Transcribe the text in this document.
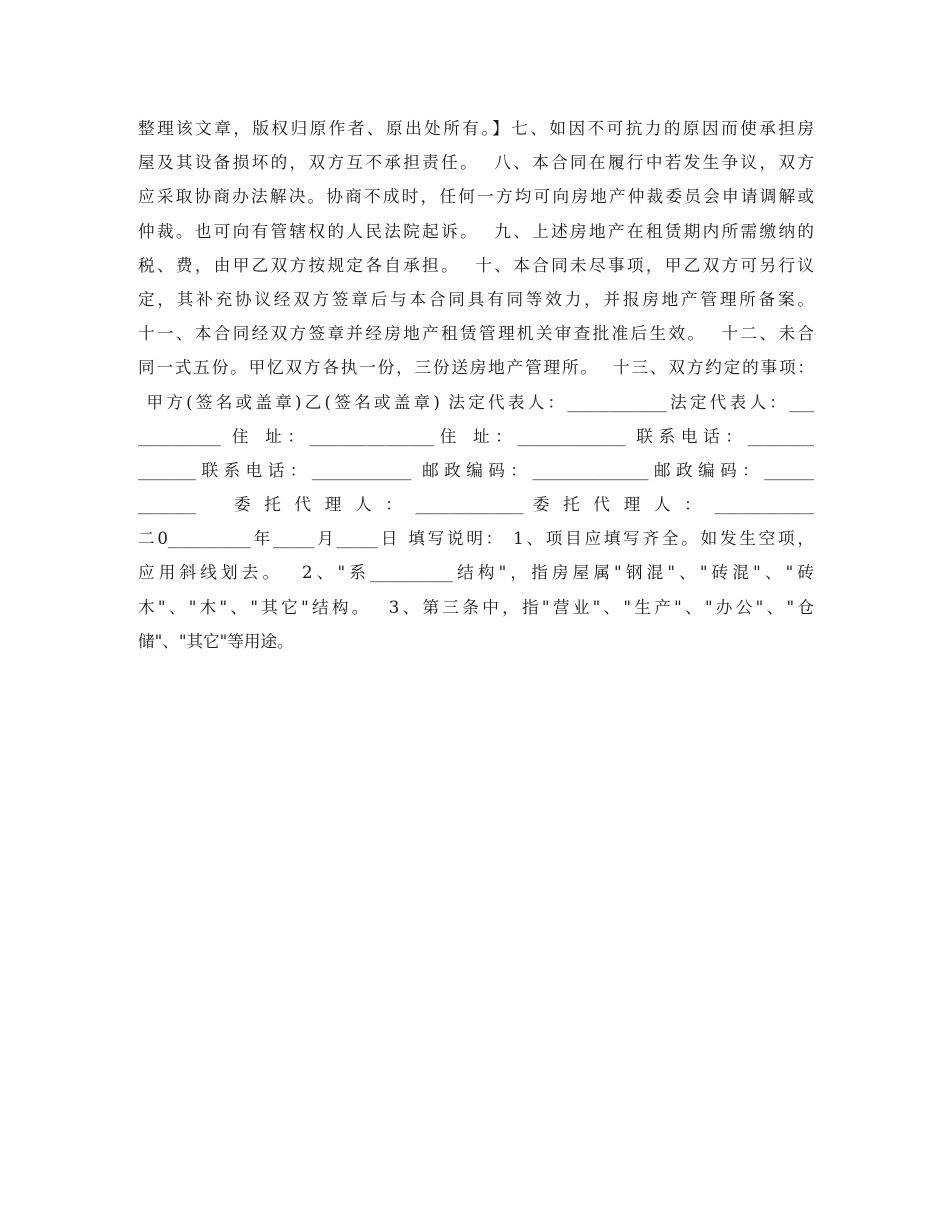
整理该文章，版权归原作者、原出处所有。】七、如因不可抗力的原因而使承担房
屋及其设备损坏的，双方互不承担责任。  八、本合同在履行中若发生争议，双方
应采取协商办法解决。协商不成时，任何一方均可向房地产仲裁委员会申请调解或
仲裁。也可向有管辖权的人民法院起诉。  九、上述房地产在租赁期内所需缴纳的
税、费，由甲乙双方按规定各自承担。  十、本合同未尽事项，甲乙双方可另行议
定，其补充协议经双方签章后与本合同具有同等效力，并报房地产管理所备案。
十一、本合同经双方签章并经房地产租赁管理机关审查批准后生效。  十二、未合
同一式五份。甲忆双方各执一份，三份送房地产管理所。  十三、双方约定的事项：
甲方(签名或盖章)乙(签名或盖章) 法定代表人：____________法定代表人：___
__________ 住 址：_______________住 址：_____________ 联系电话：________
_______联系电话：____________ 邮政编码：______________邮政编码：______
_______    委 托 代 理 人 ： _____________ 委 托 代 理 人 ： ____________
二0__________年_____月_____日 填写说明： 1、项目应填写齐全。如发生空项，
应用斜线划去。  2、"系__________结构"，指房屋属"钢混"、"砖混"、"砖
木"、"木"、"其它"结构。  3、第三条中，指"营业"、"生产"、"办公"、"仓
储"、"其它"等用途。
